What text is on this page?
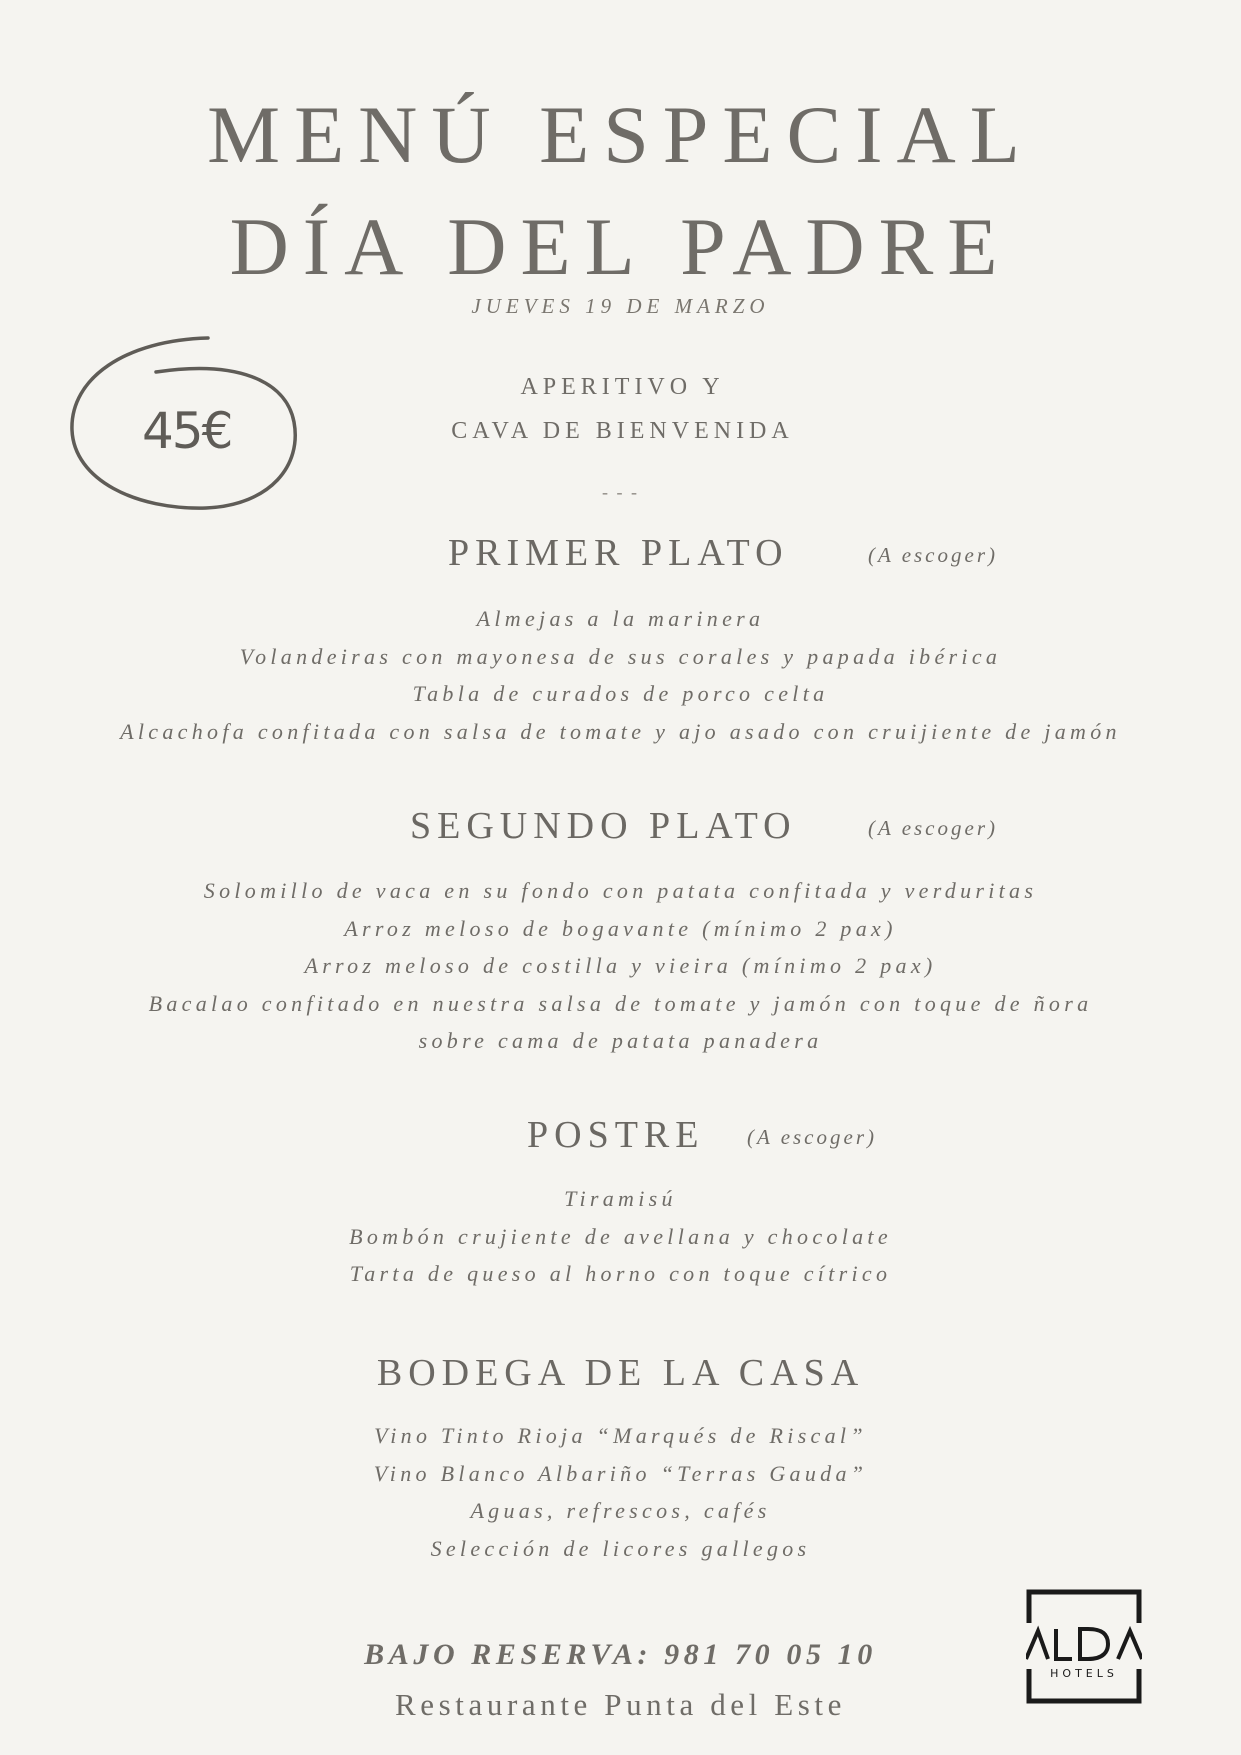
MENÚ ESPECIAL
DÍA DEL PADRE
JUEVES 19 DE MARZO
45€
APERITIVO Y
CAVA DE BIENVENIDA
- - -
PRIMER PLATO	(A escoger)
Almejas a la marinera
Volandeiras con mayonesa de sus corales y papada ibérica
Tabla de curados de porco celta
Alcachofa confitada con salsa de tomate y ajo asado con cruijiente de jamón
SEGUNDO PLATO	(A escoger)
Solomillo de vaca en su fondo con patata confitada y verduritas
Arroz meloso de bogavante (mínimo 2 pax)
Arroz meloso de costilla y vieira (mínimo 2 pax)
Bacalao confitado en nuestra salsa de tomate y jamón con toque de ñora
sobre cama de patata panadera
POSTRE (A escoger)
Tiramisú
Bombón crujiente de avellana y chocolate
Tarta de queso al horno con toque cítrico
BODEGA DE LA CASA
Vino Tinto Rioja “Marqués de Riscal”
Vino Blanco Albariño “Terras Gauda”
Aguas, refrescos, cafés
Selección de licores gallegos
BAJO RESERVA: 981 70 05 10
Restaurante Punta del Este
HOTELS
